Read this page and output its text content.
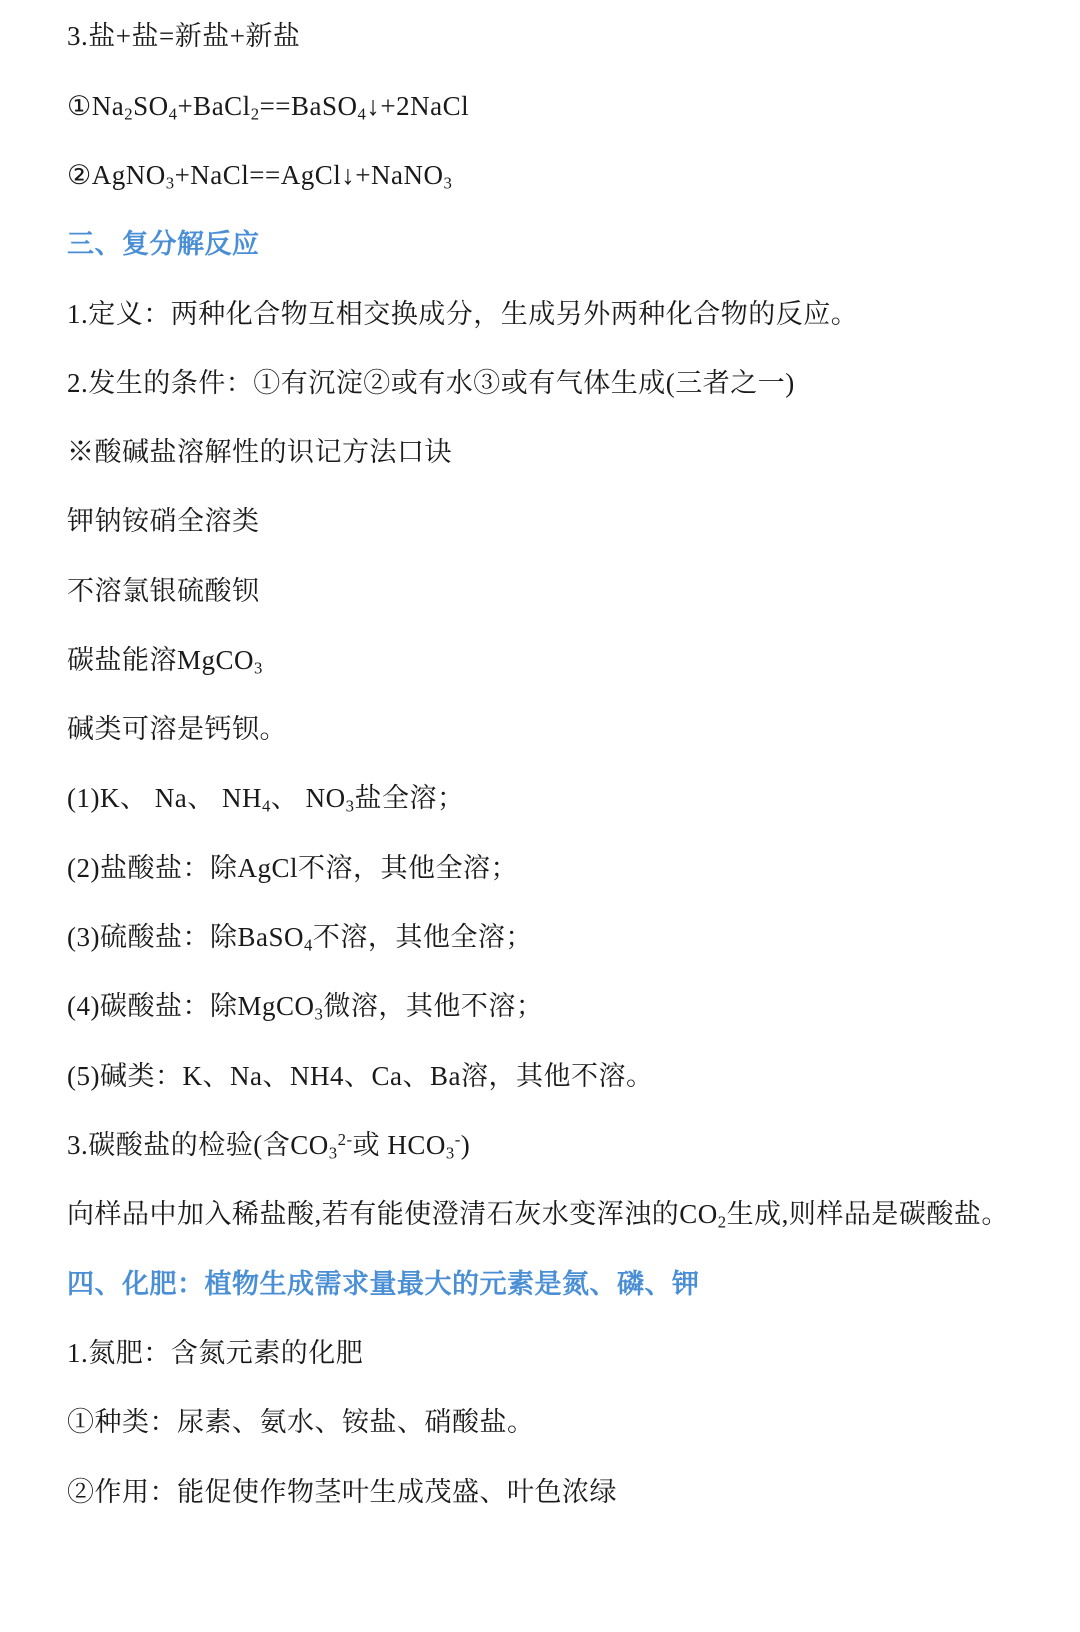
3.盐+盐=新盐+新盐
$①Na_2SO_4+BaCl_2==BaSO_4↓+2NaCl$
②AgNO$_3$+NaCl==AgCl↓+NaNO$_3$
三、复分解反应
1.定义：两种化合物互相交换成分，生成另外两种化合物的反应。
2.发生的条件：①有沉淀②或有水③或有气体生成(三者之一)
※酸碱盐溶解性的识记方法口诀
钾钠铵硝全溶类
不溶氯银硫酸钡
碳盐能溶MgCO$_3$
碱类可溶是钙钡。
(1)K、 Na、 $NH_4$、 $NO_3$盐全溶；
(2)盐酸盐：除AgCl不溶，其他全溶；
(3)硫酸盐：除BaSO$_4$不溶，其他全溶；
(4)碳酸盐：除MgCO$_3$微溶，其他不溶；
(5)碱类：K、Na、NH4、Ca、Ba溶，其他不溶。
3.碳酸盐的检验(含$CO_3^{2-}$或 $HCO_3^-$)
向样品中加入稀盐酸,若有能使澄清石灰水变浑浊的$CO_2$生成,则样品是碳酸盐。
四、化肥：植物生成需求量最大的元素是氮、磷、钾
1.氮肥：含氮元素的化肥
①种类：尿素、氨水、铵盐、硝酸盐。
②作用：能促使作物茎叶生成茂盛、叶色浓绿
